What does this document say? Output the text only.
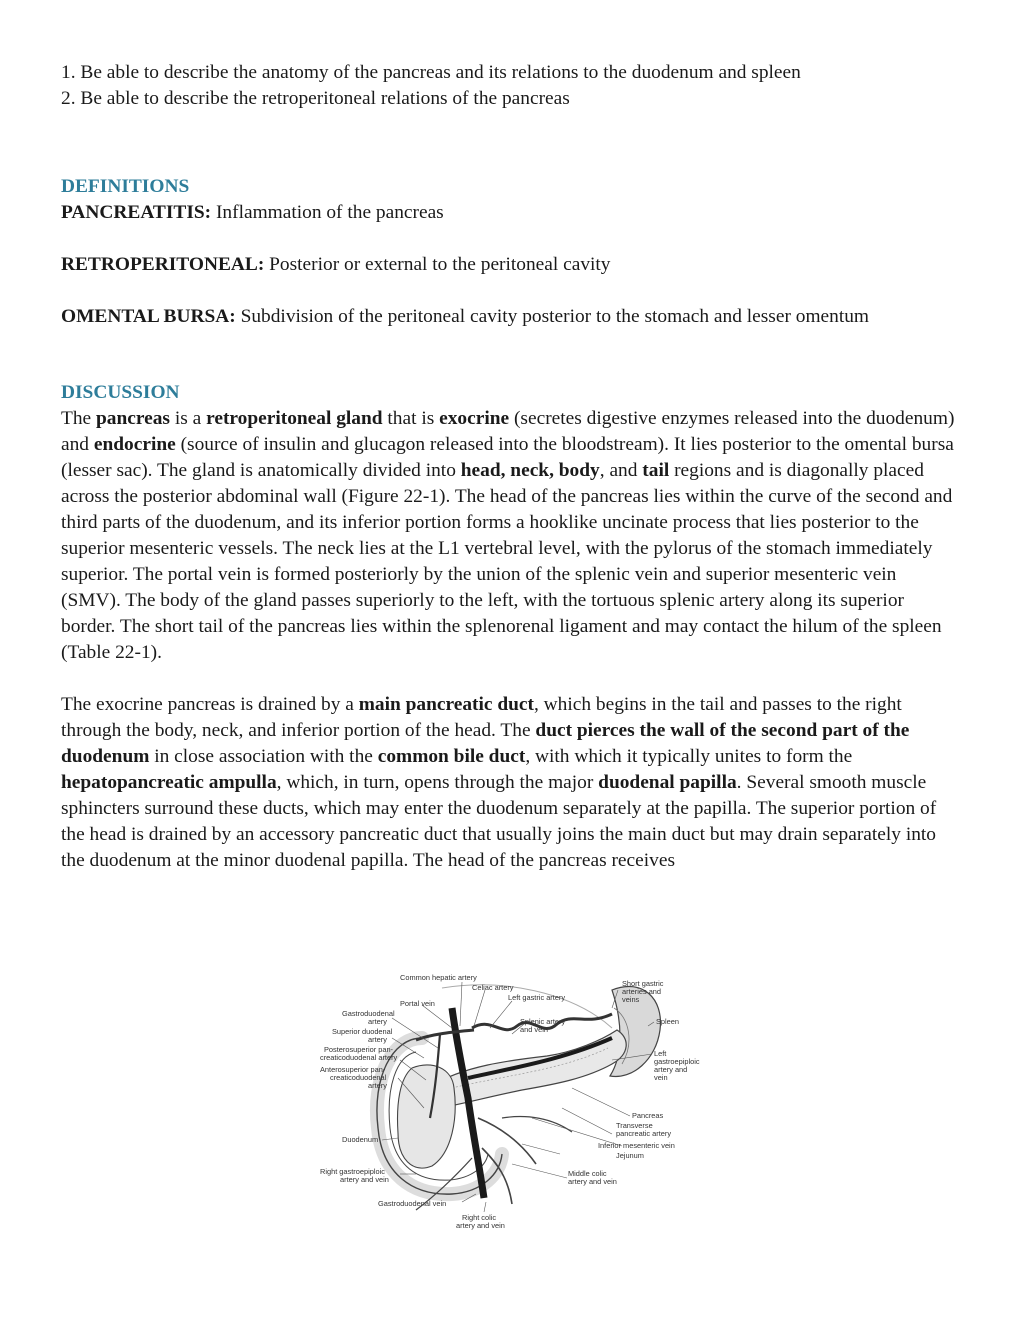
1. Be able to describe the anatomy of the pancreas and its relations to the duodenum and spleen

2. Be able to describe the retroperitoneal relations of the pancreas

DEFINITIONS

PANCREATITIS: Inflammation of the pancreas

RETROPERITONEAL: Posterior or external to the peritoneal cavity

OMENTAL BURSA: Subdivision of the peritoneal cavity posterior to the stomach and lesser omentum

DISCUSSION

The pancreas is a retroperitoneal gland that is exocrine (secretes digestive enzymes released into the duodenum) and endocrine (source of insulin and glucagon released into the bloodstream). It lies posterior to the omental bursa (lesser sac). The gland is anatomically divided into head, neck, body, and tail regions and is diagonally placed across the posterior abdominal wall (Figure 22-1). The head of the pancreas lies within the curve of the second and third parts of the duodenum, and its inferior portion forms a hooklike uncinate process that lies posterior to the superior mesenteric vessels. The neck lies at the L1 vertebral level, with the pylorus of the stomach immediately superior. The portal vein is formed posteriorly by the union of the splenic vein and superior mesenteric vein (SMV). The body of the gland passes superiorly to the left, with the tortuous splenic artery along its superior border. The short tail of the pancreas lies within the splenorenal ligament and may contact the hilum of the spleen (Table 22-1).

The exocrine pancreas is drained by a main pancreatic duct, which begins in the tail and passes to the right through the body, neck, and inferior portion of the head. The duct pierces the wall of the second part of the duodenum in close association with the common bile duct, with which it typically unites to form the hepatopancreatic ampulla, which, in turn, opens through the major duodenal papilla. Several smooth muscle sphincters surround these ducts, which may enter the duodenum separately at the papilla. The superior portion of the head is drained by an accessory pancreatic duct that usually joins the main duct but may drain separately into the duodenum at the minor duodenal papilla. The head of the pancreas receives

Common hepatic artery
Celiac artery
Left gastric artery
Portal vein
Gastroduodenal
artery
Superior duodenal
artery
Posterosuperior pan-
creaticoduodenal artery
Anterosuperior pan-
creaticoduodenal
artery
Duodenum
Right gastroepiploic
artery and vein
Gastroduodenal vein
Right colic
artery and vein
Splenic artery
and vein
Short gastric
arteries and
veins
Spleen
Left
gastroepiploic
artery and
vein
Pancreas
Transverse
pancreatic artery
Inferior mesenteric vein
Jejunum
Middle colic
artery and vein
